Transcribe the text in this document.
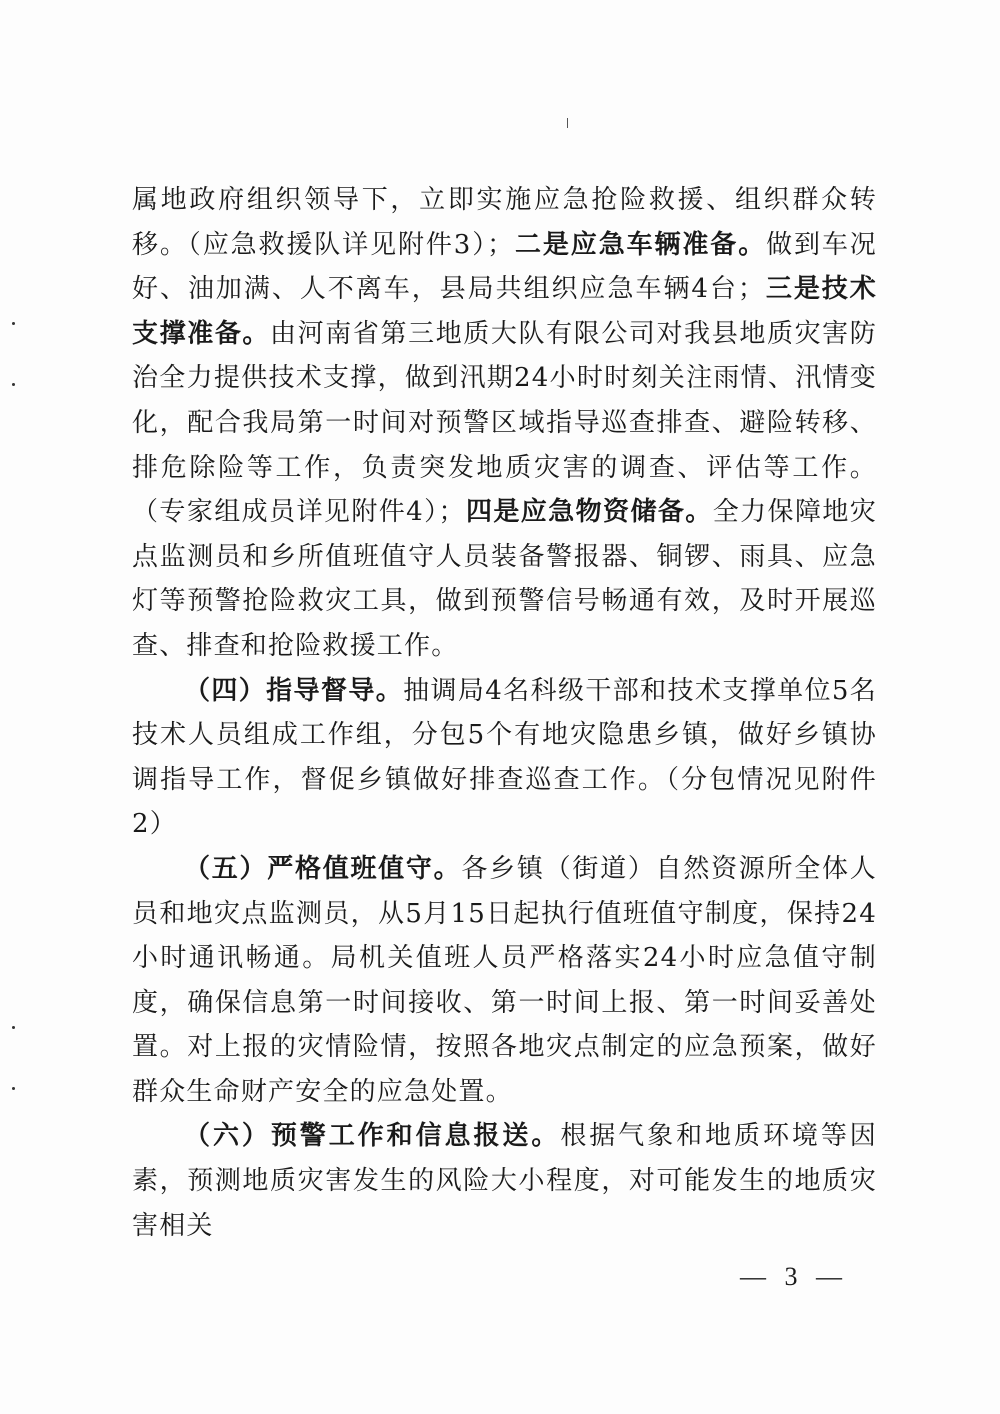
属地政府组织领导下，立即实施应急抢险救援、组织群众转移。（应急救援队详见附件3）；二是应急车辆准备。做到车况好、油加满、人不离车，县局共组织应急车辆4台；三是技术支撑准备。由河南省第三地质大队有限公司对我县地质灾害防治全力提供技术支撑，做到汛期24小时时刻关注雨情、汛情变化，配合我局第一时间对预警区域指导巡查排查、避险转移、排危除险等工作，负责突发地质灾害的调查、评估等工作。（专家组成员详见附件4）；四是应急物资储备。全力保障地灾点监测员和乡所值班值守人员装备警报器、铜锣、雨具、应急灯等预警抢险救灾工具，做到预警信号畅通有效，及时开展巡查、排查和抢险救援工作。

（四）指导督导。抽调局4名科级干部和技术支撑单位5名技术人员组成工作组，分包5个有地灾隐患乡镇，做好乡镇协调指导工作，督促乡镇做好排查巡查工作。（分包情况见附件2）

（五）严格值班值守。各乡镇（街道）自然资源所全体人员和地灾点监测员，从5月15日起执行值班值守制度，保持24小时通讯畅通。局机关值班人员严格落实24小时应急值守制度，确保信息第一时间接收、第一时间上报、第一时间妥善处置。对上报的灾情险情，按照各地灾点制定的应急预案，做好群众生命财产安全的应急处置。

（六）预警工作和信息报送。根据气象和地质环境等因素，预测地质灾害发生的风险大小程度，对可能发生的地质灾害相关

— 3 —
